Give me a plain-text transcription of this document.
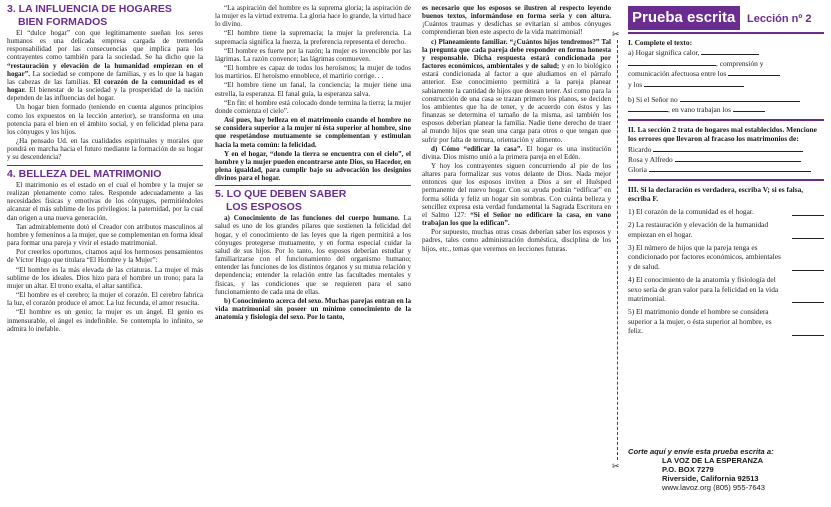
3. LA INFLUENCIA DE HOGARES
BIEN FORMADOS

El “dulce hogar” con que legítimamente sueñan los seres humanos es una delicada empresa cargada de tremenda responsabilidad por las consecuencias que implica para los contrayentes como también para la sociedad. Se ha dicho que la “restauración y elevación de la humanidad empiezan en el hogar”. La sociedad se compone de familias, y es lo que la hagan las cabezas de las familias. El corazón de la comunidad es el hogar. El bienestar de la sociedad y la prosperidad de la nación dependen de las influencias del hogar.

Un hogar bien formado (teniendo en cuenta algunos principios como los expuestos en la lección anterior), se transforma en una potencia para el bien en el ámbito social, y en felicidad plena para los cónyuges y los hijos.

¿Ha pensado Ud. en las cualidades espirituales y morales que pondrá en marcha hacia el futuro mediante la formación de su hogar y su descendencia?

4. BELLEZA DEL MATRIMONIO

El matrimonio es el estado en el cual el hombre y la mujer se realizan plenamente como tales. Responde adecuadamente a las necesidades físicas y emotivas de los cónyuges, permitiéndoles alcanzar el más sublime de los privilegios: la paternidad, por la cual dan origen a una nueva generación.

Tan admirablemente dotó el Creador con atributos masculinos al hombre y femeninos a la mujer, que se complementan en forma ideal para formar una pareja y vivir el estado matrimonial.

Por creerlos oportunos, citamos aquí los hermosos pensamientos de Víctor Hugo que titulara “El Hombre y la Mujer”:

“El hombre es la más elevada de las criaturas. La mujer el más sublime de los ideales. Dios hizo para el hombre un trono; para la mujer un altar. El trono exalta, el altar santifica.

“El hombre es el cerebro; la mujer el corazón. El cerebro fabrica la luz, el corazón produce el amor. La luz fecunda, el amor resucita.

“El hombre es un genio; la mujer es un ángel. El genio es inmensurable, el ángel es indefinible. Se contempla lo infinito, se admira lo inefable.

“La aspiración del hombre es la suprema gloria; la aspiración de la mujer es la virtud extrema. La gloria hace lo grande, la virtud hace lo divino.

“El hombre tiene la supremacía; la mujer la preferencia. La supremacía significa la fuerza, la preferencia representa el derecho.

“El hombre es fuerte por la razón; la mujer es invencible por las lágrimas. La razón convence; las lágrimas conmueven.

“El hombre es capaz de todos los heroísmos; la mujer de todos los martirios. El heroísmo ennoblece, el martirio corrige. . .

“El hombre tiene un fanal, la conciencia; la mujer tiene una estrella, la esperanza. El fanal guía, la esperanza salva.

“En fin: el hombre está colocado donde termina la tierra; la mujer donde comienza el cielo”.

Así pues, hay belleza en el matrimonio cuando el hombre no se considera superior a la mujer ni ésta superior al hombre, sino que respetándose mutuamente se complementan y estimulan hacia la meta común: la felicidad.

Y en el hogar, “donde la tierra se encuentra con el cielo”, el hombre y la mujer pueden encontrarse ante Dios, su Hacedor, en plena igualdad, para cumplir bajo su advocación los designios divinos para el hogar.

5. LO QUE DEBEN SABER
LOS ESPOSOS

a) Conocimiento de las funciones del cuerpo humano. La salud es uno de los grandes pilares que sostienen la felicidad del hogar, y el conocimiento de las leyes que la rigen permitirá a los cónyuges protegerse mutuamente, y en forma especial cuidar la salud de sus hijos. Por lo tanto, los esposos deberían estudiar y familiarizarse con el funcionamiento del organismo humano; entender las funciones de los distintos órganos y su mutua relación y dependencia; entender la relación entre las facultades mentales y físicas, y las condiciones que se requieren para el sano funcionamiento de cada una de ellas.

b) Conocimiento acerca del sexo. Muchas parejas entran en la vida matrimonial sin poseer un mínimo conocimiento de la anatomía y fisiología del sexo. Por lo tanto,

es necesario que los esposos se ilustren al respecto leyendo buenos textos, informándose en forma seria y con altura. ¡Cuántos traumas y desdichas se evitarían si ambos cónyuges comprendieran bien este aspecto de la vida matrimonial!

c) Planeamiento familiar. “¿Cuántos hijos tendremos?” Tal la pregunta que cada pareja debe responder en forma honesta y responsable. Dicha respuesta estará condicionada por factores económicos, ambientales y de salud; y en lo biológico estará condicionada al factor a que aludiamos en el párrafo anterior. Ese conocimiento permitirá a la pareja planear sabiamente la cantidad de hijos que desean tener. Así como para la construcción de una casa se trazan primero los planos, se deciden los ambientes que ha de tener, y de acuerdo con éstos y las finanzas se determina el tamaño de la misma, así también los esposos deberían planear la familia. Nadie tiene derecho de traer al mundo hijos que sean una carga para otros o que tengan que sufrir por falta de ternura, orientación y alimento.

d) Cómo “edificar la casa”. El hogar es una institución divina. Dios mismo unió a la primera pareja en el Edén.

Y hoy los contrayentes siguen concurriendo al pie de los altares para formalizar sus votos delante de Dios. Nada mejor entonces que los esposos inviten a Dios a ser el Huésped permanente del nuevo hogar. Con su ayuda podrán “edificar” en forma sólida y feliz un hogar sin sombras. Con cuánta belleza y sencillez expresa esta verdad fundamental la Sagrada Escritura en el Salmo 127: “Si el Señor no edificare la casa, en vano trabajan los que la edifican”.

Por supuesto, muchas otras cosas deberían saber los esposos y padres, tales como administración doméstica, disciplina de los hijos, etc., temas que veremos en lecciones futuras.

✂
✂
Prueba escrita	Lección nº 2

I. Complete el texto:

a) Hogar significa calor,

, comprensión y

comunicación afectuosa entre los

y los

b) Si el Señor no

, en vano trabajan los

II. La sección 2 trata de hogares mal establecidos. Mencione los errores que llevaron al fracaso los matrimonios de:

Ricardo

Rosa y Alfredo

Gloria

III. Si la declaración es verdadera, escriba V; si es falsa, escriba F.

1) El corazón de la comunidad es el hogar.
2) La restauración y elevación de la humanidad empiezan en el hogar.
3) El número de hijos que la pareja tenga es condicionado por factores económicos, ambientales y de salud.
4) El conocimiento de la anatomía y fisiología del sexo sería de gran valor para la felicidad en la vida matrimonial.
5) El matrimonio donde el hombre se considera superior a la mujer, o ésta superior al hombre, es feliz.

Corte aquí y envíe esta prueba escrita a:

LA VOZ DE LA ESPERANZA

P.O. BOX 7279

Riverside, California 92513

www.lavoz.org (805) 955-7643
